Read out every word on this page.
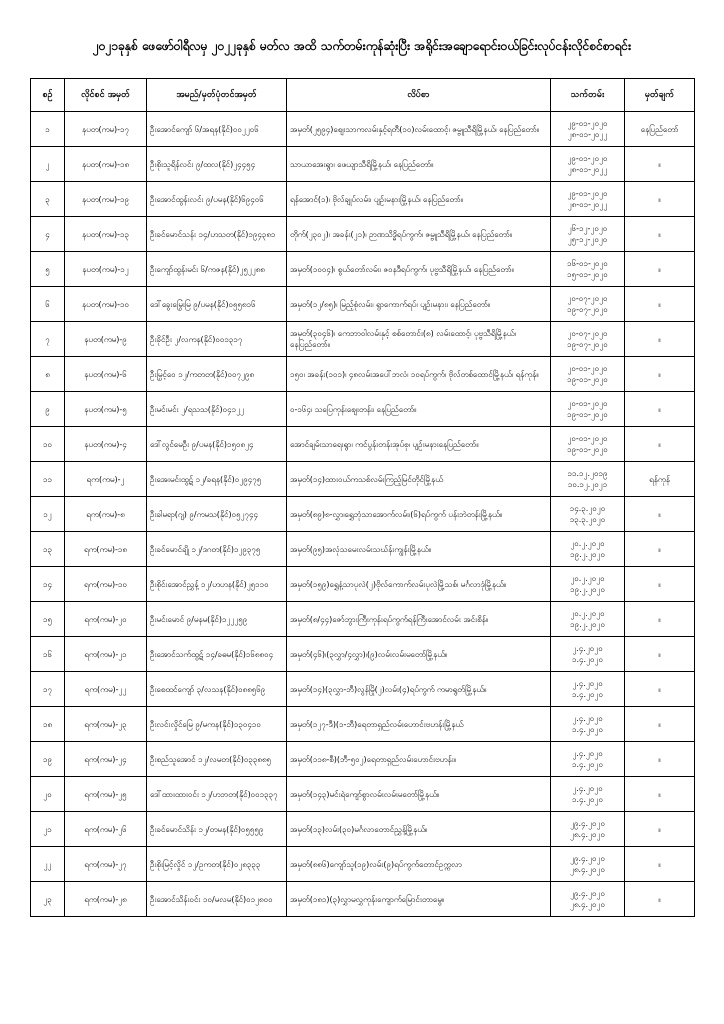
၂၀၂၁ခုနှစ် ဖေဖော်ဝါရီလမှ ၂၀၂၂ခုနှစ် မတ်လ အထိ သက်တမ်းကုန်ဆုံးပြီး အရိုင်းအချောရောင်းဝယ်ခြင်းလုပ်ငန်းလိုင်စင်စာရင်း
စဉ်	လိုင်စင် အမှတ်	အမည်/မှတ်ပုံတင်အမှတ်	လိပ်စာ	သက်တမ်း	မှတ်ချက်
၁	နပတ(ကမ)-၁၇	ဦးအောင်ကျော် ၆/အရန(နိုင်)၀၀၂၂၀၆	အမှတ်(၂၅၉၄)ဈေးသာကလမ်းနှင့်ရတီ(၁၀)လမ်းထောင့်၊ ဇမ္ဗူသီရိမြို့နယ်၊ နေပြည်တော်။	၂၉-၀၁-၂၀၂၀
၂၈-၀၁-၂၀၂၂	နေပြည်တော်
၂	နပတ(ကမ)-၁၈	ဦးစိုးသူရိန်လင်း ၉/ထလ(နိုင်)၂၄၄၅၄	သာယာအေးရွာ၊ ဖေယျာသီရိမြို့နယ်၊ နေပြည်တော်။	၂၉-၀၁-၂၀၂၀
၂၈-၀၁-၂၀၂၂	။
၃	နပတ(ကမ)-၁၉	ဦးအောင်ထွန်းလင်း ၉/ပမန(နိုင်)၆၉၄၀၆	ရန်အောင်(၁)၊ ဗိုလ်ချုပ်လမ်း၊ ပျဉ်းမနားမြို့နယ်၊ နေပြည်တော်။	၂၉-၀၁-၂၀၂၀
၂၈-၀၁-၂၀၂၂	။
၄	နပတ(ကမ)-၁၃	ဦးခင်မောင်သန်း ၁၄/ဟသတ(နိုင်)၁၉၄၃၈၁	တိုက်(၂၃၀၂)၊ အခန်း(၂၁)၊ ဉာဏသိဒ္ဓိရပ်ကွက်၊ ဇမ္ဗူသီရိမြို့နယ်၊ နေပြည်တော်။	၂၆-၁၂-၂၀၂၀
၂၅-၁၂-၂၀၂၀	။
၅	နပတ(ကမ)-၁၂	ဦးကျော်ထွန်းမင်း ၆/ကဇန(နိုင်)၂၅၂၂၈၈	အမှတ်(၁၀၀၄)၊ စွယ်တော်လမ်း၊ ဇဝနဒီရပ်ကွက်၊ ပုဗ္ဗသီရိမြို့နယ်၊ နေပြည်တော်။	၁၆-၀၁-၂၀၂၀
၁၅-၀၁-၂၀၂၀	။
၆	နပတ(ကမ)-၁၀	ဒေါ်ခွေးမြွေးမြ ၉/ပမန(နိုင်)၀၅၅၈၁၆	အမှတ်(၁၂/၈၅)၊ မြည့်စုံလမ်း၊ ရွာကောက်ရပ်၊ ပျဉ်းမနား၊ နေပြည်တော်။	၂၀-၀၇-၂၀၂၀
၁၉-၀၇-၂၀၂၀	။
၇	နပတ(ကမ)-၉	ဦးခိုင်ဦး ၂/လကန(နိုင်)၀၀၁၃၁၇	အမှတ်(၃၀၄၆)၊ ကေဘာဝါလမ်းနှင့် စစ်တောင်း(၈) လမ်းထောင့်၊ ပုဗ္ဗသီရိမြို့နယ်၊ နေပြည်တော်။	၂၀-၀၇-၂၀၂၀
၁၉-၀၇-၂၀၂၀	။
၈	နပတ(ကမ)-၆	ဦးမြှင့်ဝေ ၁၂/ကတတ(နိုင်)၀၀၇၂၉၈	၁၅၀၊ အခန်း(၁၀၁)၊ ၄၈လမ်းအပေါ်ဘလံ၊ ၁၀ရပ်ကွက်၊ ဗိုလ်တစ်ထောင်မြို့နယ်၊ ရန်ကုန်။	၂၀-၀၁-၂၀၂၀
၁၉-၀၁-၂၀၂၀	။
၉	နပတ(ကမ)-၅	ဦးမင်းမင်း ၂/ရသသ(နိုင်)၀၄၁၂၂	၀-၁၆၄၊ သပြေကုန်းဈေးတန်း၊ နေပြည်တော်။	၂၀-၀၁-၂၀၂၀
၁၉-၀၁-၂၀၂၀	။
၁၀	နပတ(ကမ)-၄	ဒေါ်လွင်မေဦး ၉/ပမန(နိုင်)၁၅၀၈၂၄	အောင်ချမ်းသာရေးရွာ၊ ကင်ပွန်းတန်းအုပ်စု၊ ပျဉ်းမနားနေပြည်တော်။	၂၀-၀၁-၂၀၂၀
၁၉-၀၁-၂၀၂၀	။
၁၁	ရက(ကမ)-၂	ဦးအေးမင်းထွဋ် ၁၂/ခရန(နိုင်)၀၂၉၄၇၅	အမှတ်(၁၄)ထားဝယ်ကသစ်လမ်းကြည့်မြင်တိုင်မြို့နယ်	၁၁.၁၂.၂၀၁၉
၁၀.၁၂.၂၀၂၁	ရန်ကုန်
၁၂	ရက(ကမ)-၈	ဦးခါမရာ(ဂျ) ၉/ကမသ(နိုင်)၀၅၂၇၄၄	အမှတ်(၈၉)၈-လွှာ၊ရွှေဘုံသာအောက်လမ်း၊(၆)ရပ်ကွက် ပန်းဘဲတန်းမြို့နယ်။	၁၄.၃.၂၀၂၀
၁၃.၃.၂၀၂၀	။
၁၃	ရက(ကမ)-၁၈	ဦးခင်မောင်ချို ၁၂/ဒဂတ(နိုင်)၁၂၉၃၇၅	အမှတ်(၉၅)အလုံသမေးလမ်းသဃ်န်းကျွန်းမြို့နယ်။	၂၀.၂.၂၀၂၀
၁၉.၂.၂၀၂၀	။
၁၄	ရက(ကမ)-၁၀	ဦးစိုင်းအောင်ညွှန့် ၁၂/ဟဟန(နိုင်)၂၅၁၁၀	အမှတ်(၁၅၉)ရွှေနံ့သာပုလဲ(၂)ဗိုလ်ကောက်လမ်းပုလဲမြို့သစ်၊ မင်္ဂလာဒုံမြို့နယ်။	၂၀.၂.၂၀၂၀
၁၉.၂.၂၀၂၀	။
၁၅	ရက(ကမ)-၂၀	ဦးမင်းမောင် ၉/မနမ(နိုင်)၁၂၂၂၅၉	အမှတ်(၈/၄၄)ဇော်ဘွားကြီးကုန်းရပ်ကွက်ရန်ကြီးအောင်လမ်း အင်းစိန်။	၂၀.၂.၂၀၂၀
၁၉.၂.၂၀၂၀	။
၁၆	ရက(ကမ)-၂၁	ဦးအောင်သက်ထွဋ် ၁၄/ခဓမ(နိုင်)၁၆၈၈၀၄	အမှတ်(၄၆)၊(၃လွှာ/၄လွှာ)၊(၉)လမ်းလမ်းမတော်မြို့နယ်။	၂.၄.၂၀၂၀
၁.၄.၂၀၂၀	။
၁၇	ရက(ကမ)-၂၂	ဦးစေထင်ကျော် ၃/လသန(နိုင်)၀၈၈၅၆၉	အမှတ်(၁၄)(၃လွှာ-ဘီ)လွန်မြို(၂)လမ်း(၄)ရပ်ကွက် ကမာရွတ်မြို့နယ်။	၂.၄.၂၀၂၀
၁.၄.၂၀၂၀	။
၁၈	ရက(ကမ)-၂၃	ဦးလင်းလှိုင်မြေ ၉/မကန(နိုင်)၁၃၀၄၁၀	အမှတ်(၁၂၇-ဒီ)(၁-ဘီ)ရေတာရှည်လမ်းဟောင်းဗဟန်းမြို့နယ်	၂.၄.၂၀၂၀
၁.၄.၂၀၂၀	။
၁၉	ရက(ကမ)-၂၄	ဦးစည်သူအောင် ၁၂/လမတ(နိုင်)၀၃၃၈၈၅	အမှတ်(၁၁၈-စီ)(ဘီ-၅၀၂)ရေတာရှည်လမ်းဟောင်းဗဟန်း။	၂.၄.၂၀၂၀
၁.၄.၂၀၂၀	။
၂၀	ရက(ကမ)-၂၅	ဒေါ်ထားထားဝင်း ၁၂/ဟဘတ(နိုင်)၀၀၁၃၃၇	အမှတ်(၁၄၃)မင်းရဲကျော်စွာလမ်းလမ်းမတော်မြို့နယ်။	၂.၄.၂၀၂၀
၁.၄.၂၀၂၀	။
၂၁	ရက(ကမ)-၂၆	ဦးခင်မောင်သိန်း ၁၂/တမန(နိုင်)၀၅၅၅၉	အမှတ်(၁၃)လမ်း(၃၀)မင်္ဂလာတောင်ညွှန့်မြို့နယ်။	၂၉.၄.၂၀၂၀
၂၈.၄.၂၀၂၀	။
၂၂	ရက(ကမ)-၂၇	ဦးစိုးမြင့်လှိုင် ၁၂/ဥကတ(နိုင်)၀၂၈၃၃၃	အမှတ်(၈၈၆)ကျော်သူ(၁၉)လမ်း(၉)ရပ်ကွက်တောင်ဥက္ကလာ	၂၉.၄.၂၀၂၀
၂၈.၄.၂၀၂၀	။
၂၃	ရက(ကမ)-၂၈	ဦးအောင်သိန်းဝင်း ၁၀/မလမ(နိုင်)၀၁၂၈၀၀	အမှတ်(၁၈၁)(၃)လွှာမလွှကုန်းကျောက်မြောင်းတာမွေ။	၂၉.၄.၂၀၂၀
၂၈.၄.၂၀၂၀	။
